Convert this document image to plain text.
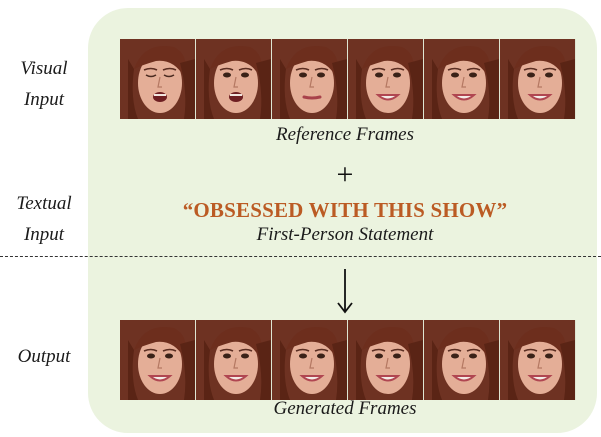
Visual
Input
Textual
Input
Output
Reference Frames
+
“OBSESSED WITH THIS SHOW”
First-Person Statement
Generated Frames
